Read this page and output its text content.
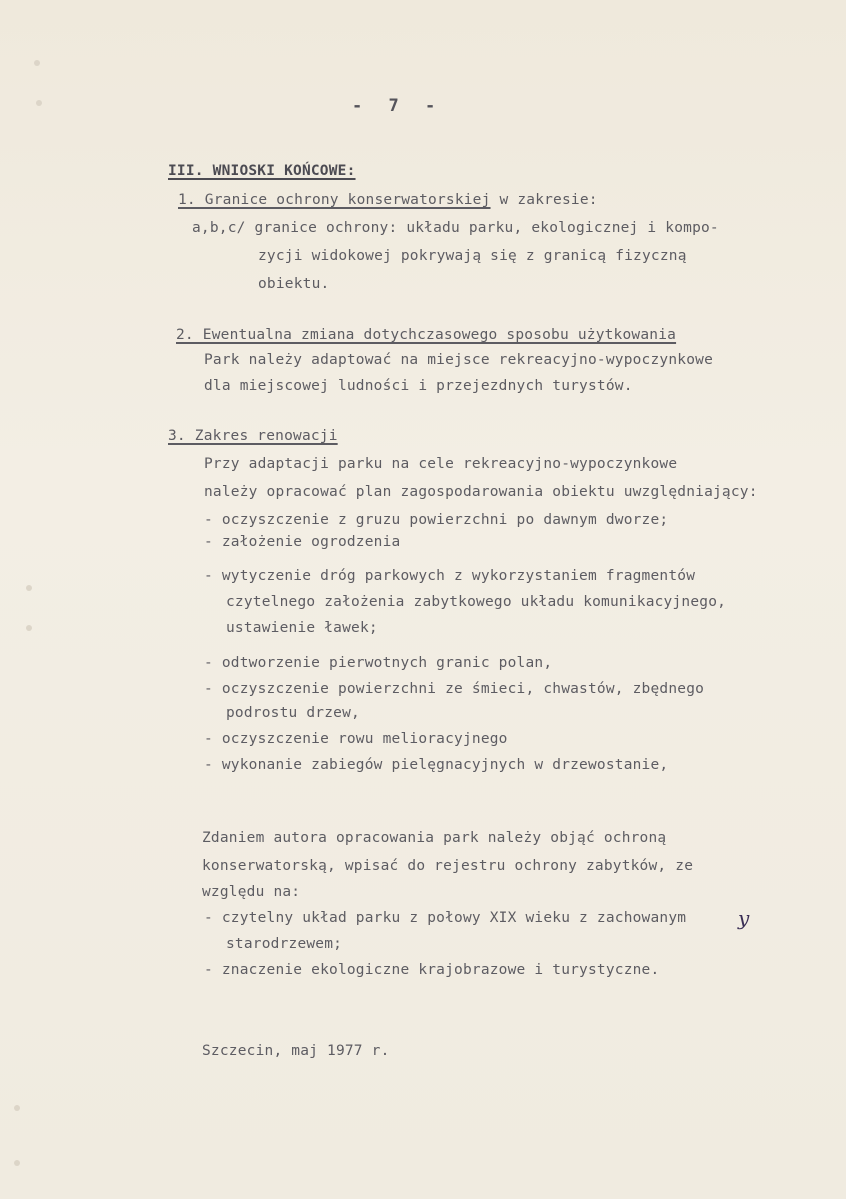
- 7 -
III. WNIOSKI KOŃCOWE:
1. Granice ochrony konserwatorskiej w zakresie:
a,b,c/ granice ochrony: układu parku, ekologicznej i kompo-
zycji widokowej pokrywają się z granicą fizyczną
obiektu.
2. Ewentualna zmiana dotychczasowego sposobu użytkowania
Park należy adaptować na miejsce rekreacyjno-wypoczynkowe
dla miejscowej ludności i przejezdnych turystów.
3. Zakres renowacji
Przy adaptacji parku na cele rekreacyjno-wypoczynkowe
należy opracować plan zagospodarowania obiektu uwzględniający:
- oczyszczenie z gruzu powierzchni po dawnym dworze;
- założenie ogrodzenia
- wytyczenie dróg parkowych z wykorzystaniem fragmentów
czytelnego założenia zabytkowego układu komunikacyjnego,
ustawienie ławek;
- odtworzenie pierwotnych granic polan,
- oczyszczenie powierzchni ze śmieci, chwastów, zbędnego
podrostu drzew,
- oczyszczenie rowu melioracyjnego
- wykonanie zabiegów pielęgnacyjnych w drzewostanie,
Zdaniem autora opracowania park należy objąć ochroną
konserwatorską, wpisać do rejestru ochrony zabytków, ze
względu na:
- czytelny układ parku z połowy XIX wieku z zachowanym
starodrzewem;
- znaczenie ekologiczne krajobrazowe i turystyczne.
y
Szczecin, maj 1977 r.
